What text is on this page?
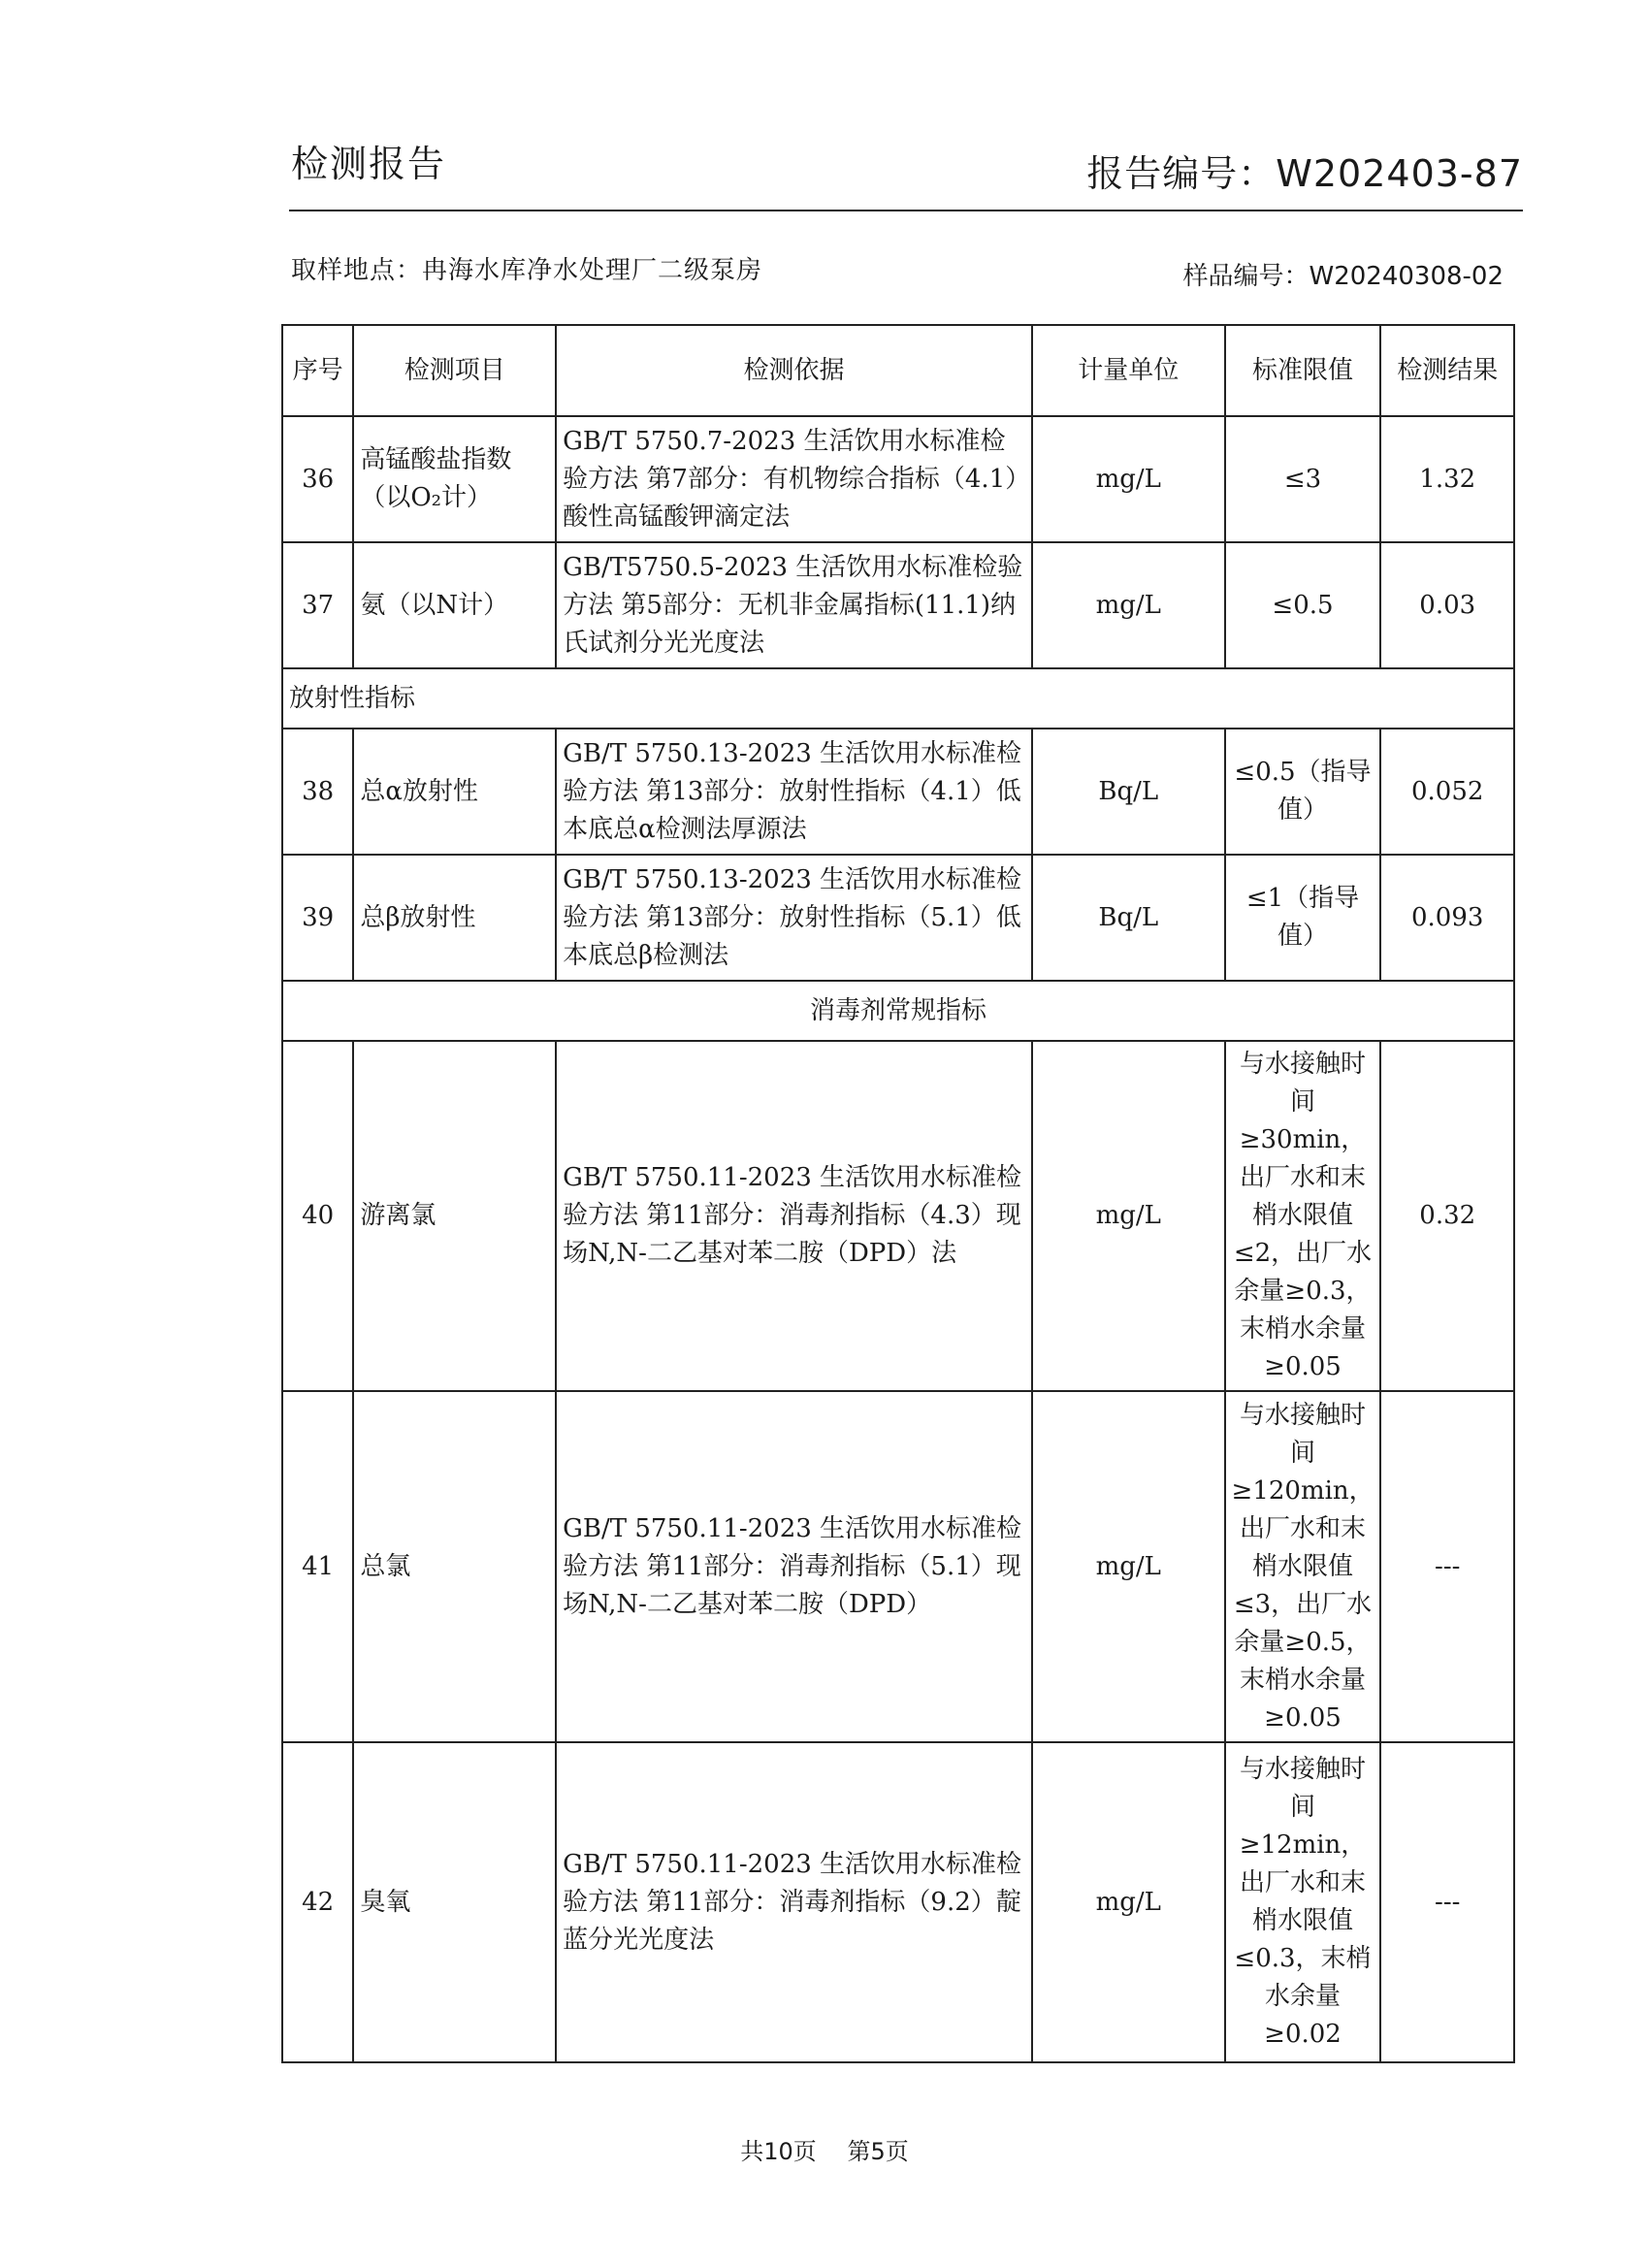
检测报告	报告编号：W202403-87
取样地点：冉海水库净水处理厂二级泵房	样品编号：W20240308-02
序号	检测项目	检测依据	计量单位	标准限值	检测结果
36	高锰酸盐指数（以O₂计）	GB/T 5750.7-2023 生活饮用水标准检验方法 第7部分：有机物综合指标（4.1）酸性高锰酸钾滴定法	mg/L	≤3	1.32
37	氨（以N计）	GB/T5750.5-2023 生活饮用水标准检验方法 第5部分：无机非金属指标(11.1)纳氏试剂分光光度法	mg/L	≤0.5	0.03
放射性指标					
38	总α放射性	GB/T 5750.13-2023 生活饮用水标准检验方法 第13部分：放射性指标（4.1）低本底总α检测法厚源法	Bq/L	≤0.5（指导值）	0.052
39	总β放射性	GB/T 5750.13-2023 生活饮用水标准检验方法 第13部分：放射性指标（5.1）低本底总β检测法	Bq/L	≤1（指导值）	0.093
消毒剂常规指标					
40	游离氯	GB/T 5750.11-2023 生活饮用水标准检验方法 第11部分：消毒剂指标（4.3）现场N,N-二乙基对苯二胺（DPD）法	mg/L	与水接触时间≥30min，出厂水和末梢水限值≤2，出厂水余量≥0.3，末梢水余量≥0.05	0.32
41	总氯	GB/T 5750.11-2023 生活饮用水标准检验方法 第11部分：消毒剂指标（5.1）现场N,N-二乙基对苯二胺（DPD）	mg/L	与水接触时间≥120min，出厂水和末梢水限值≤3，出厂水余量≥0.5，末梢水余量≥0.05	---
42	臭氧	GB/T 5750.11-2023 生活饮用水标准检验方法 第11部分：消毒剂指标（9.2）靛蓝分光光度法	mg/L	与水接触时间≥12min，出厂水和末梢水限值≤0.3，末梢水余量≥0.02	---
共10页 第5页
